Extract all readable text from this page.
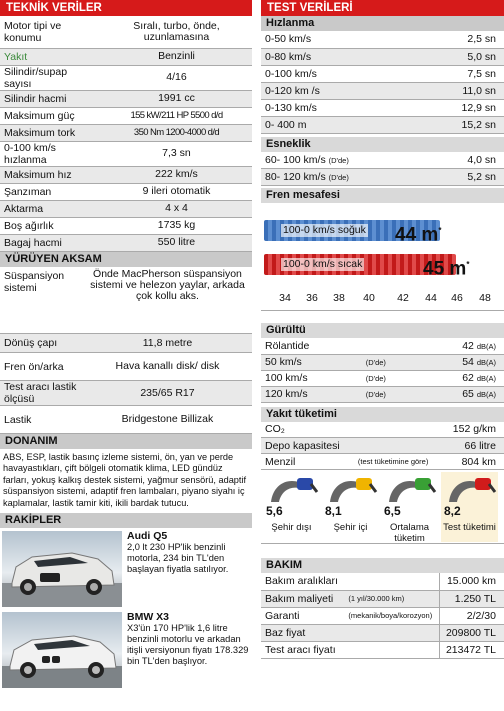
TEKNİK VERİLER
Motor tipi ve konumu	Sıralı, turbo, önde, uzunlamasına
Yakıt	Benzinli
Silindir/supap sayısı	4/16
Silindir hacmi	1991 cc
Maksimum güç	155 kW/211 HP 5500 d/d
Maksimum tork	350 Nm 1200-4000 d/d
0-100 km/s hızlanma	7,3 sn
Maksimum hız	222 km/s
Şanzıman	9 ileri otomatik
Aktarma	4 x 4
Boş ağırlık	1735 kg
Bagaj hacmi	550 litre
YÜRÜYEN AKSAM
Süspansiyon sistemi	Önde MacPherson süspansiyon sistemi ve helezon yaylar, arkada çok kollu aks.
Dönüş çapı	11,8 metre
Fren ön/arka	Hava kanallı disk/ disk
Test aracı lastik ölçüsü	235/65 R17
Lastik	Bridgestone Billizak
DONANIM
ABS, ESP, lastik basınç izleme sistemi, ön, yan ve perde havayastıkları, çift bölgeli otomatik klima, LED gündüz farları, yokuş kalkış destek sistemi, yağmur sensörü, adaptif süspansiyon sistemi, adaptif fren lambaları, piyano siyahı iç kaplamalar, lastik tamir kiti, ikili bardak tutucu.
RAKİPLER
Audi Q5
2,0 lt 230 HP'lik benzinli motorla, 234 bin TL'den başlayan fiyatla satılıyor.
BMW X3
X3'ün 170 HP'lik 1,6 litre benzinli motorlu ve arkadan itişli versiyonun fiyatı 178.329 bin TL'den başlıyor.
TEST VERİLERİ
Hızlanma
0-50 km/s	2,5 sn
0-80 km/s	5,0 sn
0-100 km/s	7,5 sn
0-120 km /s	11,0 sn
0-130 km/s	12,9 sn
0- 400 m	15,2 sn
Esneklik
60- 100 km/s (D'de)	4,0 sn
80- 120 km/s (D'de)	5,2 sn
Fren mesafesi
100-0 km/s soğuk 44 m*
100-0 km/s sıcak	45 m*
34 36 38 40 42 44 46 48
Gürültü
Rölantide		42 dB(A)
50 km/s	(D'de)	54 dB(A)
100 km/s	(D'de)	62 dB(A)
120 km/s	(D'de)	65 dB(A)
Yakıt tüketimi
CO₂		152 g/km
Depo kapasitesi		66 litre
Menzil	(test tüketimine göre)	804 km
5,6
Şehir dışı
8,1
Şehir içi
6,5
Ortalama tüketim
8,2
Test tüketimi
BAKIM
Bakım aralıkları		15.000 km
Bakım maliyeti	(1 yıl/30.000 km)	1.250 TL
Garanti	(mekanik/boya/korozyon)	2/2/30
Baz fiyat		209800 TL
Test aracı fiyatı		213472 TL
